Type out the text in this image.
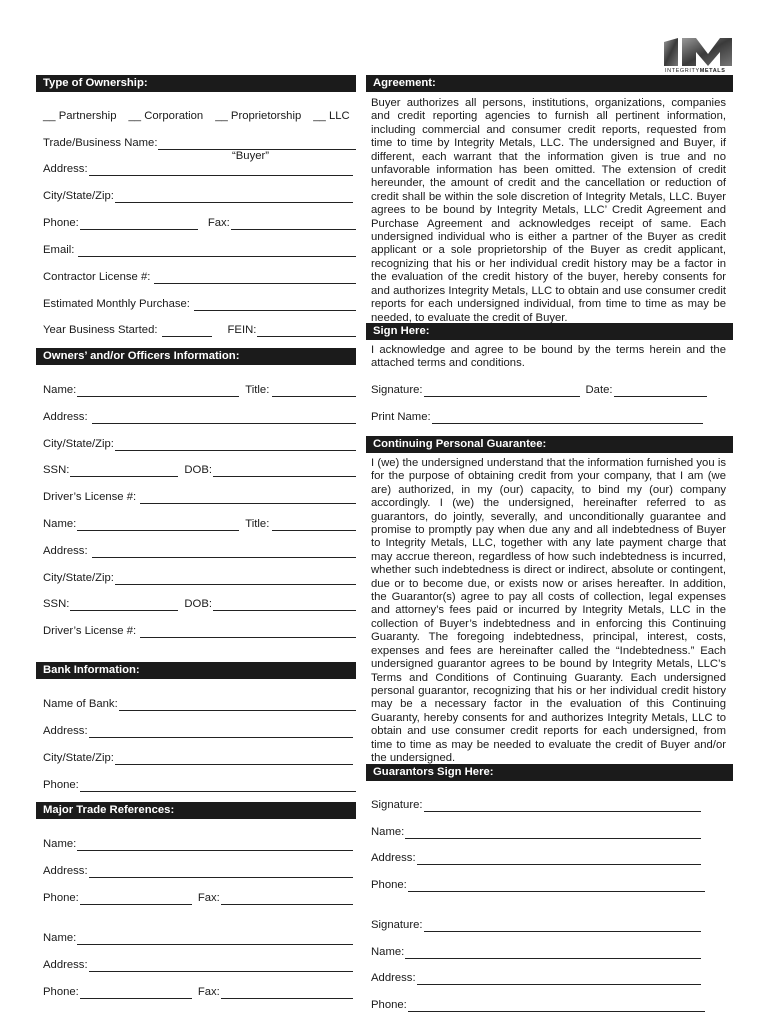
INTEGRITYMETALS
Type of Ownership:
__ Partnership __ Corporation __ Proprietorship __ LLC
Trade/Business Name:
“Buyer”
Address:
City/State/Zip:
Phone:	Fax:
Email:
Contractor License #:
Estimated Monthly Purchase:
Year Business Started:	FEIN:
Owners’ and/or Officers Information:
Name:	Title:
Address:
City/State/Zip:
SSN:	DOB:
Driver’s License #:
Name:	Title:
Address:
City/State/Zip:
SSN:	DOB:
Driver’s License #:
Bank Information:
Name of Bank:
Address:
City/State/Zip:
Phone:
Major Trade References:
Name:
Address:
Phone:	Fax:
Name:
Address:
Phone:	Fax:
Agreement:
Buyer authorizes all persons, institutions, organizations, companies and credit reporting agencies to furnish all pertinent information, including commercial and consumer credit reports, requested from time to time by Integrity Metals, LLC. The undersigned and Buyer, if different, each warrant that the information given is true and no unfavorable information has been omitted. The extension of credit hereunder, the amount of credit and the cancellation or reduction of credit shall be within the sole discretion of Integrity Metals, LLC. Buyer agrees to be bound by Integrity Metals, LLC’ Credit Agreement and Purchase Agreement and acknowledges receipt of same. Each undersigned individual who is either a partner of the Buyer as credit applicant or a sole proprietorship of the Buyer as credit applicant, recognizing that his or her individual credit history may be a factor in the evaluation of the credit history of the buyer, hereby consents for and authorizes Integrity Metals, LLC to obtain and use consumer credit reports for each undersigned individual, from time to time as may be needed, to evaluate the credit of Buyer.
Sign Here:
I acknowledge and agree to be bound by the terms herein and the attached terms and conditions.
Signature:	Date:
Print Name:
Continuing Personal Guarantee:
I (we) the undersigned understand that the information furnished you is for the purpose of obtaining credit from your company, that I am (we are) authorized, in my (our) capacity, to bind my (our) company accordingly. I (we) the undersigned, hereinafter referred to as guarantors, do jointly, severally, and unconditionally guarantee and promise to promptly pay when due any and all indebtedness of Buyer to Integrity Metals, LLC, together with any late payment charge that may accrue thereon, regardless of how such indebtedness is incurred, whether such indebtedness is direct or indirect, absolute or contingent, due or to become due, or exists now or arises hereafter. In addition, the Guarantor(s) agree to pay all costs of collection, legal expenses and attorney’s fees paid or incurred by Integrity Metals, LLC in the collection of Buyer’s indebtedness and in enforcing this Continuing Guaranty. The foregoing indebtedness, principal, interest, costs, expenses and fees are hereinafter called the “Indebtedness.” Each undersigned guarantor agrees to be bound by Integrity Metals, LLC’s Terms and Conditions of Continuing Guaranty. Each undersigned personal guarantor, recognizing that his or her individual credit history may be a necessary factor in the evaluation of this Continuing Guaranty, hereby consents for and authorizes Integrity Metals, LLC to obtain and use consumer credit reports for each undersigned, from time to time as may be needed to evaluate the credit of Buyer and/or the undersigned.
Guarantors Sign Here:
Signature:
Name:
Address:
Phone:
Signature:
Name:
Address:
Phone:
